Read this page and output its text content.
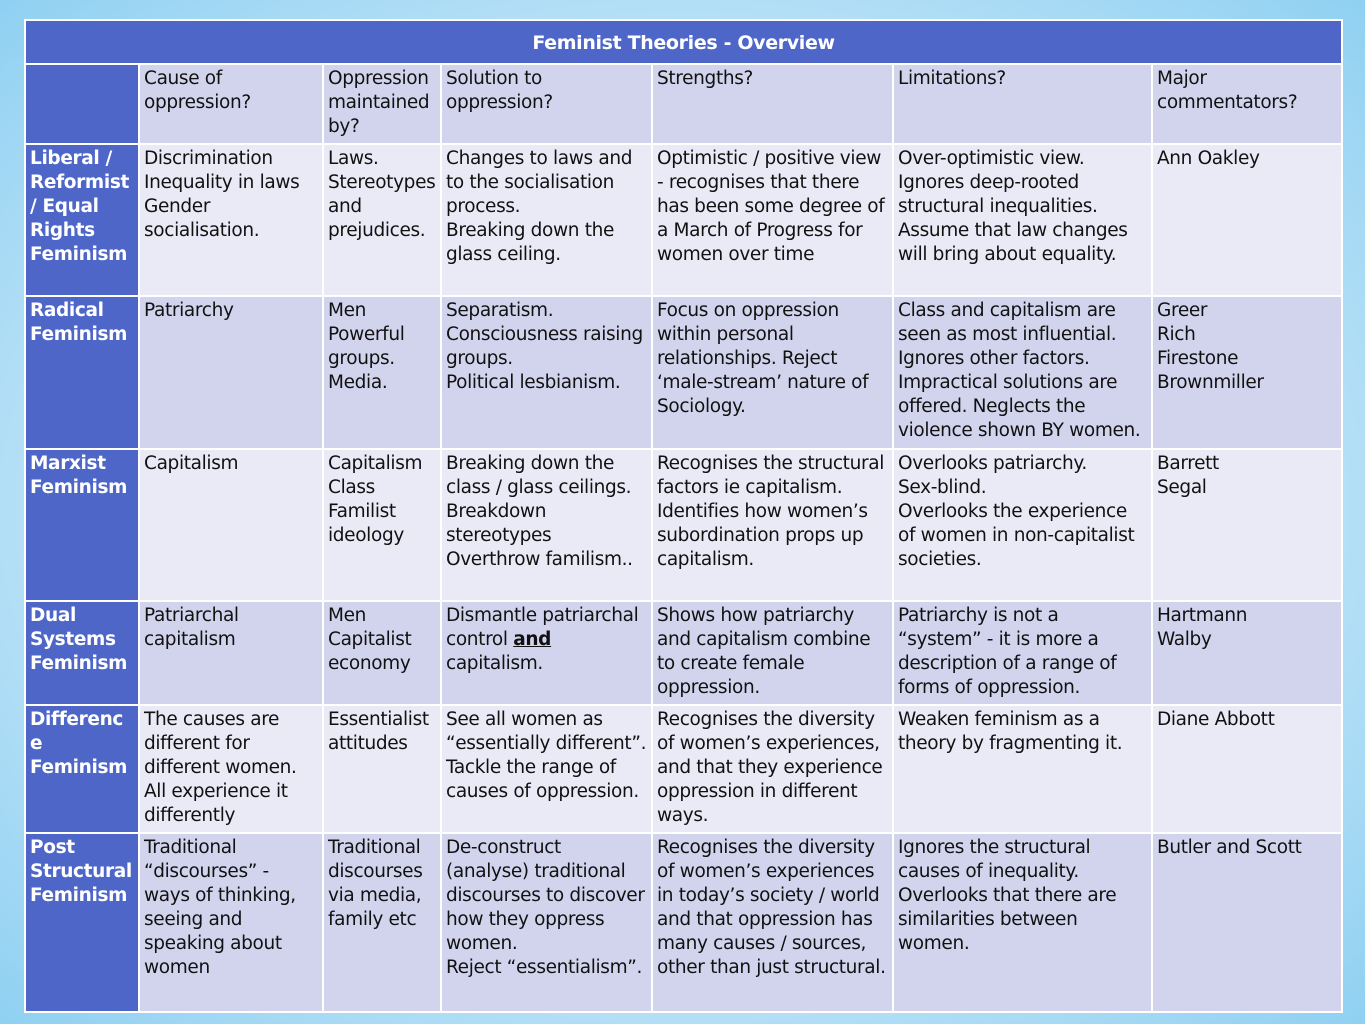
Feminist Theories - Overview						
	Cause of oppression?	Oppression maintained by?	Solution to oppression?	Strengths?	Limitations?	Major commentators?
Liberal / Reformist / Equal Rights Feminism	Discrimination
Inequality in laws
Gender socialisation.	Laws.
Stereotypes and prejudices.	Changes to laws and to the socialisation process.
Breaking down the glass ceiling.	Optimistic / positive view - recognises that there has been some degree of a March of Progress for women over time	Over-optimistic view.
Ignores deep-rooted structural inequalities.
Assume that law changes will bring about equality.	Ann Oakley

Radical Feminism	Patriarchy	Men
Powerful groups.
Media.	Separatism.
Consciousness raising groups.
Political lesbianism.	Focus on oppression within personal relationships. Reject ‘male-stream’ nature of Sociology.	Class and capitalism are seen as most influential. Ignores other factors. Impractical solutions are offered. Neglects the violence shown BY women.	Greer
Rich
Firestone
Brownmiller

Marxist Feminism	Capitalism	Capitalism
Class
Familist ideology	Breaking down the class / glass ceilings.
Breakdown stereotypes
Overthrow familism..	Recognises the structural factors ie capitalism.
Identifies how women’s subordination props up capitalism.	Overlooks patriarchy.
Sex-blind.
Overlooks the experience of women in non-capitalist societies.	Barrett
Segal

Dual Systems Feminism	Patriarchal capitalism	Men
Capitalist economy	Dismantle patriarchal control and capitalism.	Shows how patriarchy and capitalism combine to create female oppression.	Patriarchy is not a “system” - it is more a description of a range of forms of oppression.	Hartmann
Walby

Difference Feminism	The causes are different for different women. All experience it differently	Essentialist attitudes	See all women as “essentially different”. Tackle the range of causes of oppression.	Recognises the diversity of women’s experiences, and that they experience oppression in different ways.	Weaken feminism as a theory by fragmenting it.	Diane Abbott

Post Structural Feminism	Traditional “discourses” - ways of thinking, seeing and speaking about women	Traditional discourses via media, family etc	De-construct (analyse) traditional discourses to discover how they oppress women.
Reject “essentialism”.	Recognises the diversity of women’s experiences in today’s society / world and that oppression has many causes / sources, other than just structural.	Ignores the structural causes of inequality.
Overlooks that there are similarities between women.	Butler and Scott
